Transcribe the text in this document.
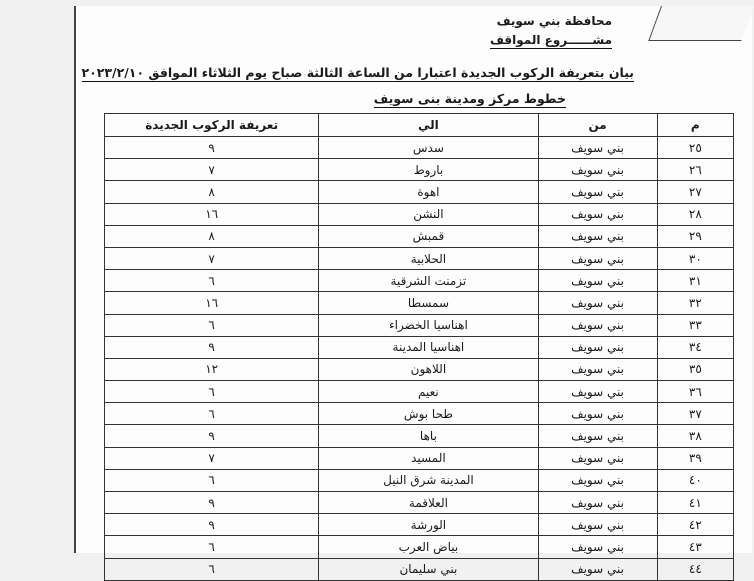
محافظة بني سويف
مشــــــروع المواقف
بيان بتعريفة الركوب الجديدة اعتبارا من الساعة الثالثة صباح يوم الثلاثاء الموافق ٢٠٢٣/٢/١٠
خطوط مركز ومدينة بنى سويف
م	من	الي	تعريفة الركوب الجديدة
٢٥	بني سويف	سدس	٩
٢٦	بني سويف	باروط	٧
٢٧	بني سويف	اهوة	٨
٢٨	بني سويف	النشن	١٦
٢٩	بني سويف	قمبش	٨
٣٠	بني سويف	الحلابية	٧
٣١	بني سويف	تزمنت الشرقية	٦
٣٢	بني سويف	سمسطا	١٦
٣٣	بني سويف	اهناسيا الخضراء	٦
٣٤	بني سويف	اهناسيا المدينة	٩
٣٥	بني سويف	اللاهون	١٢
٣٦	بني سويف	نعيم	٦
٣٧	بني سويف	طحا بوش	٦
٣٨	بني سويف	باها	٩
٣٩	بني سويف	المسيد	٧
٤٠	بني سويف	المدينة شرق النيل	٦
٤١	بني سويف	العلاقمة	٩
٤٢	بني سويف	الورشة	٩
٤٣	بني سويف	بياض العرب	٦
٤٤	بني سويف	بني سليمان	٦
